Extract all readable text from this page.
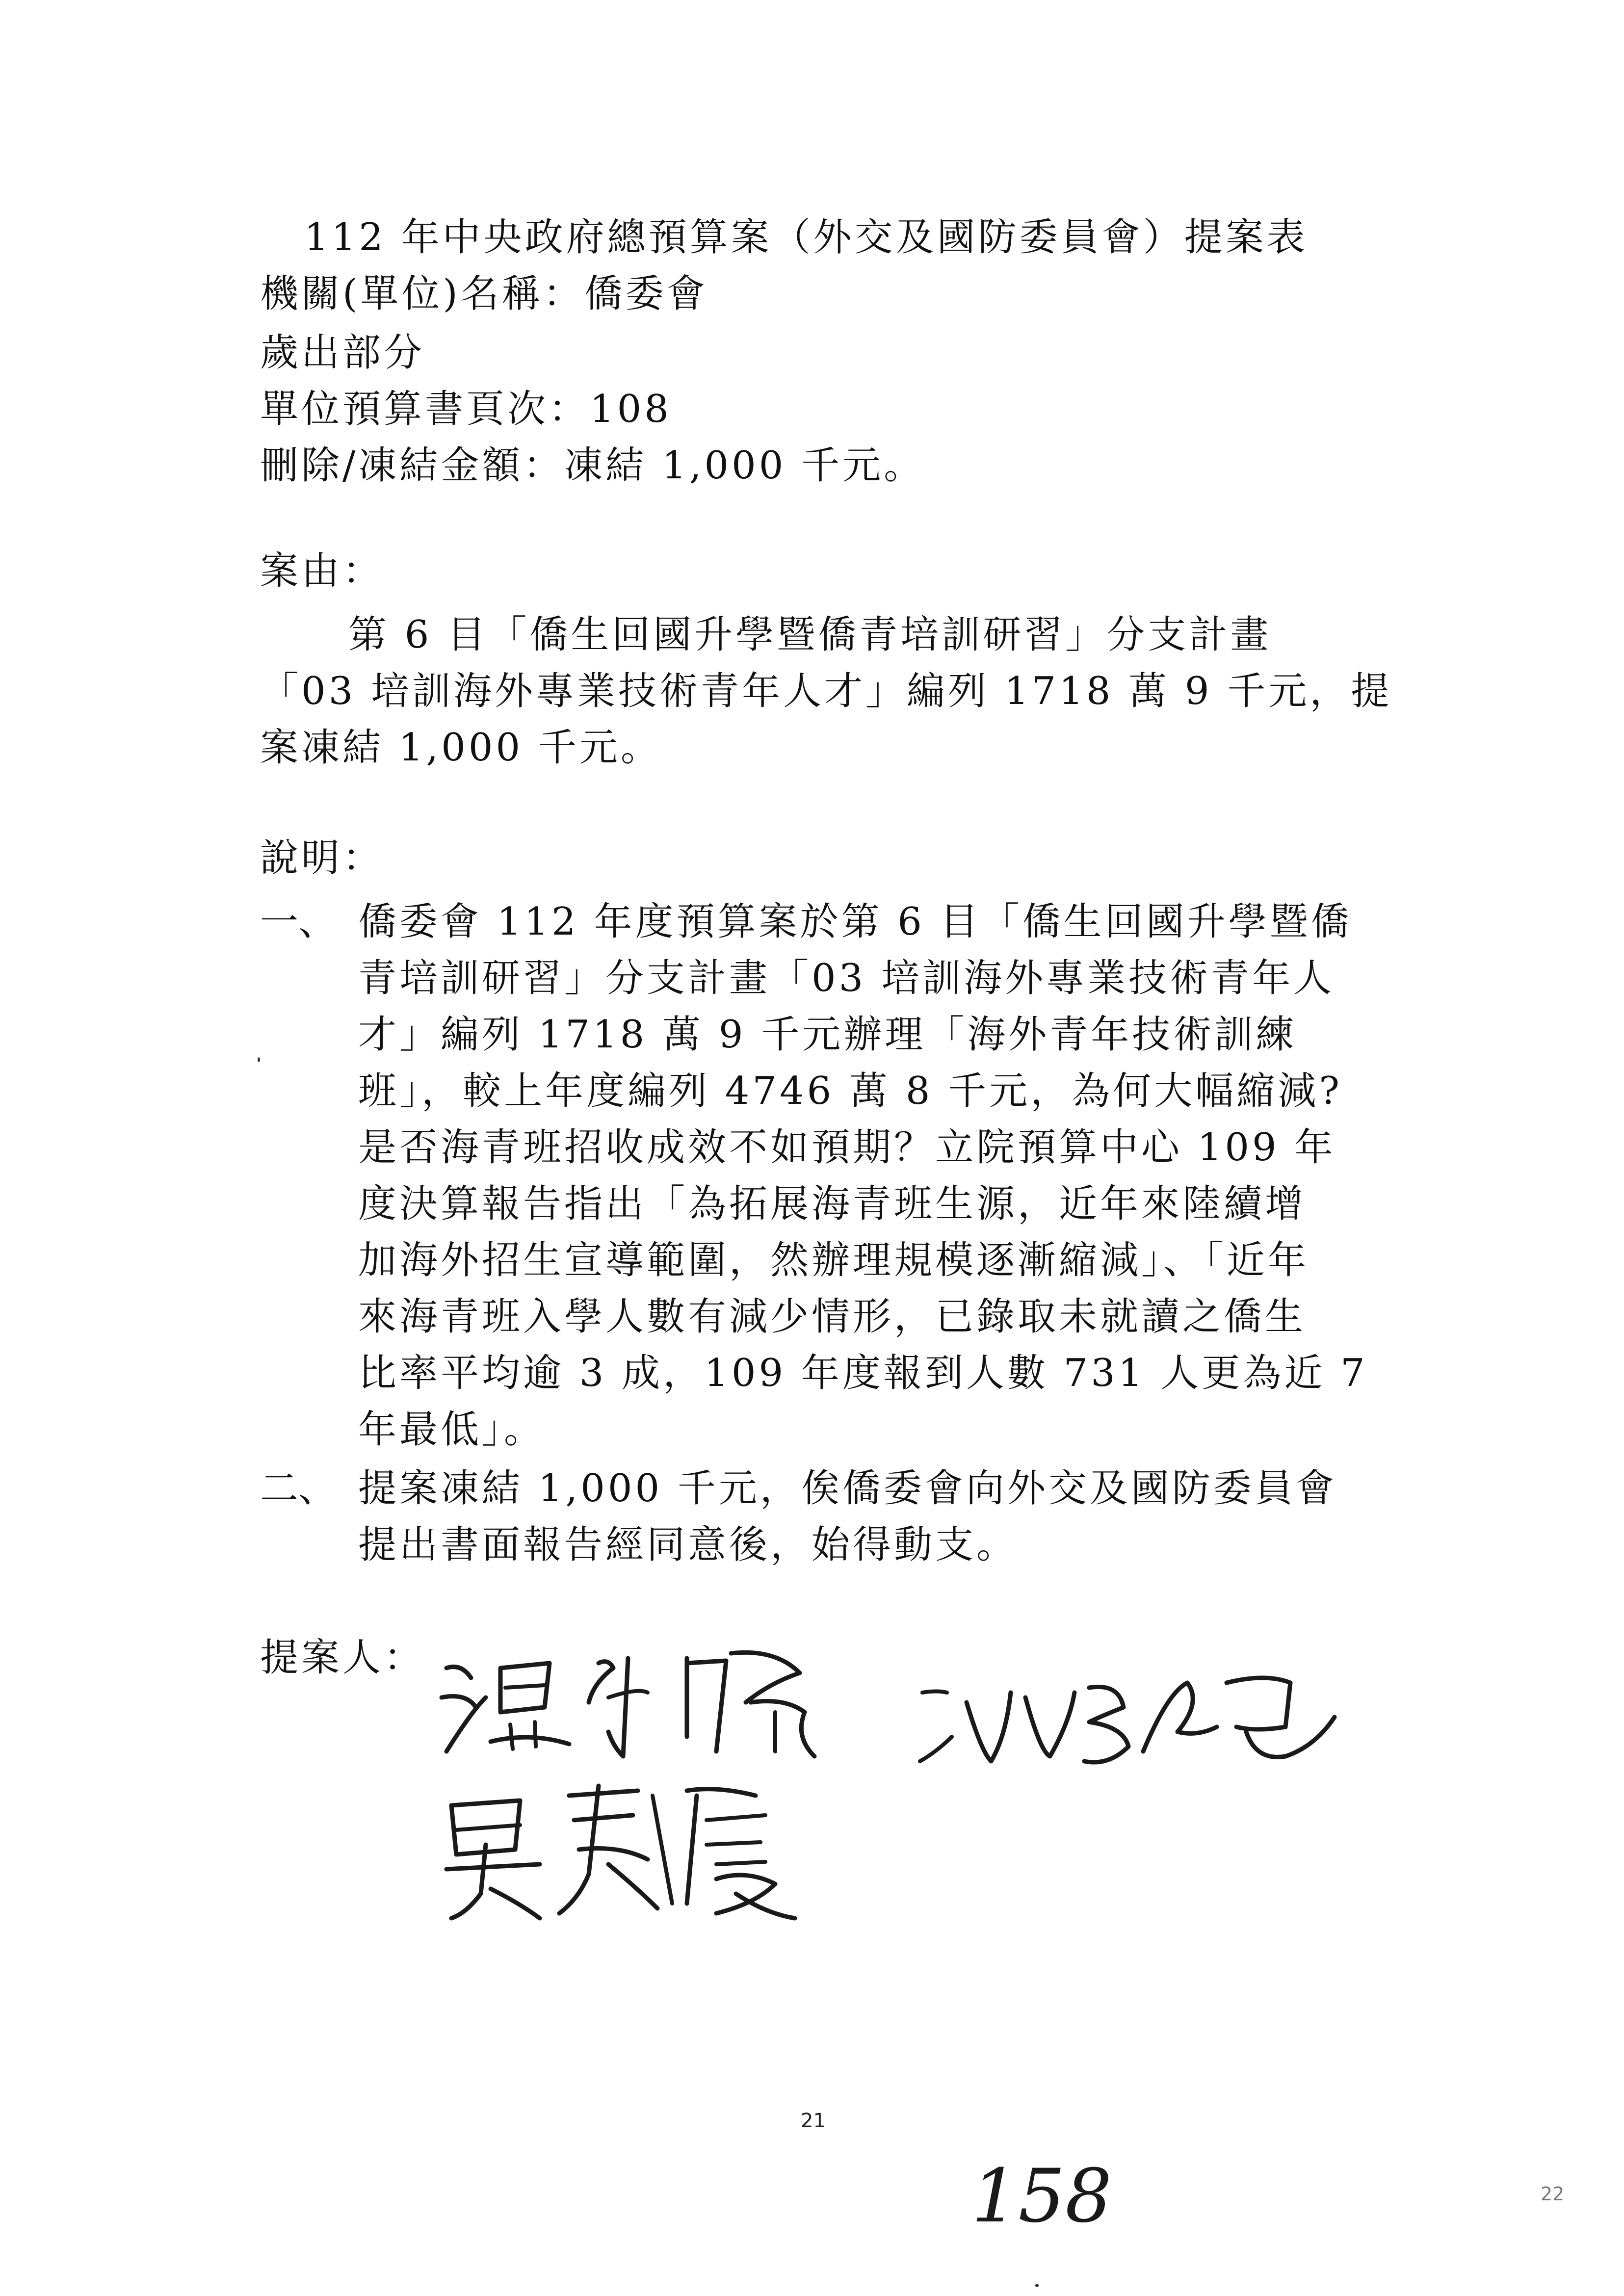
112 年中央政府總預算案（外交及國防委員會）提案表
機關(單位)名稱：僑委會
歲出部分
單位預算書頁次：108
刪除/凍結金額：凍結 1,000 千元。
案由：
第 6 目「僑生回國升學暨僑青培訓研習」分支計畫
「03 培訓海外專業技術青年人才」編列 1718 萬 9 千元，提
案凍結 1,000 千元。
說明：
一、 僑委會 112 年度預算案於第 6 目「僑生回國升學暨僑
青培訓研習」分支計畫「03 培訓海外專業技術青年人
才」編列 1718 萬 9 千元辦理「海外青年技術訓練
班」，較上年度編列 4746 萬 8 千元，為何大幅縮減?
是否海青班招收成效不如預期？立院預算中心 109 年
度決算報告指出「為拓展海青班生源，近年來陸續增
加海外招生宣導範圍，然辦理規模逐漸縮減」、「近年
來海青班入學人數有減少情形，已錄取未就讀之僑生
比率平均逾 3 成，109 年度報到人數 731 人更為近 7
年最低」。
二、 提案凍結 1,000 千元，俟僑委會向外交及國防委員會
提出書面報告經同意後，始得動支。
提案人：
21
158	22
